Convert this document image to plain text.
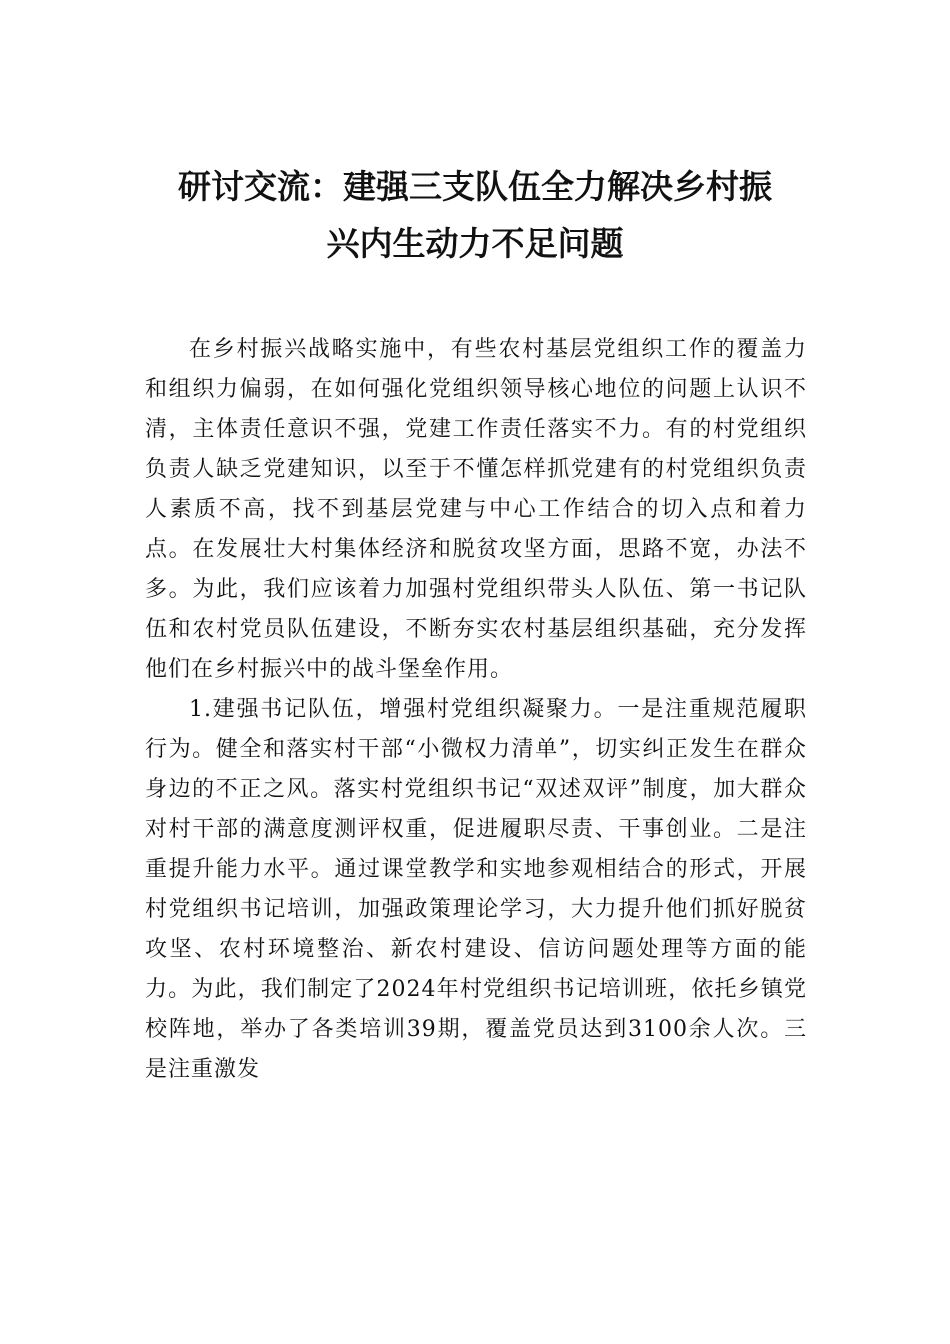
研讨交流：建强三支队伍全力解决乡村振
兴内生动力不足问题

在乡村振兴战略实施中，有些农村基层党组织工作的覆盖力和组织力偏弱，在如何强化党组织领导核心地位的问题上认识不清，主体责任意识不强，党建工作责任落实不力。有的村党组织负责人缺乏党建知识，以至于不懂怎样抓党建有的村党组织负责人素质不高，找不到基层党建与中心工作结合的切入点和着力点。在发展壮大村集体经济和脱贫攻坚方面，思路不宽，办法不多。为此，我们应该着力加强村党组织带头人队伍、第一书记队伍和农村党员队伍建设，不断夯实农村基层组织基础，充分发挥他们在乡村振兴中的战斗堡垒作用。

1.建强书记队伍，增强村党组织凝聚力。一是注重规范履职行为。健全和落实村干部“小微权力清单”，切实纠正发生在群众身边的不正之风。落实村党组织书记“双述双评”制度，加大群众对村干部的满意度测评权重，促进履职尽责、干事创业。二是注重提升能力水平。通过课堂教学和实地参观相结合的形式，开展村党组织书记培训，加强政策理论学习，大力提升他们抓好脱贫攻坚、农村环境整治、新农村建设、信访问题处理等方面的能力。为此，我们制定了2024年村党组织书记培训班，依托乡镇党校阵地，举办了各类培训39期，覆盖党员达到3100余人次。三是注重激发
